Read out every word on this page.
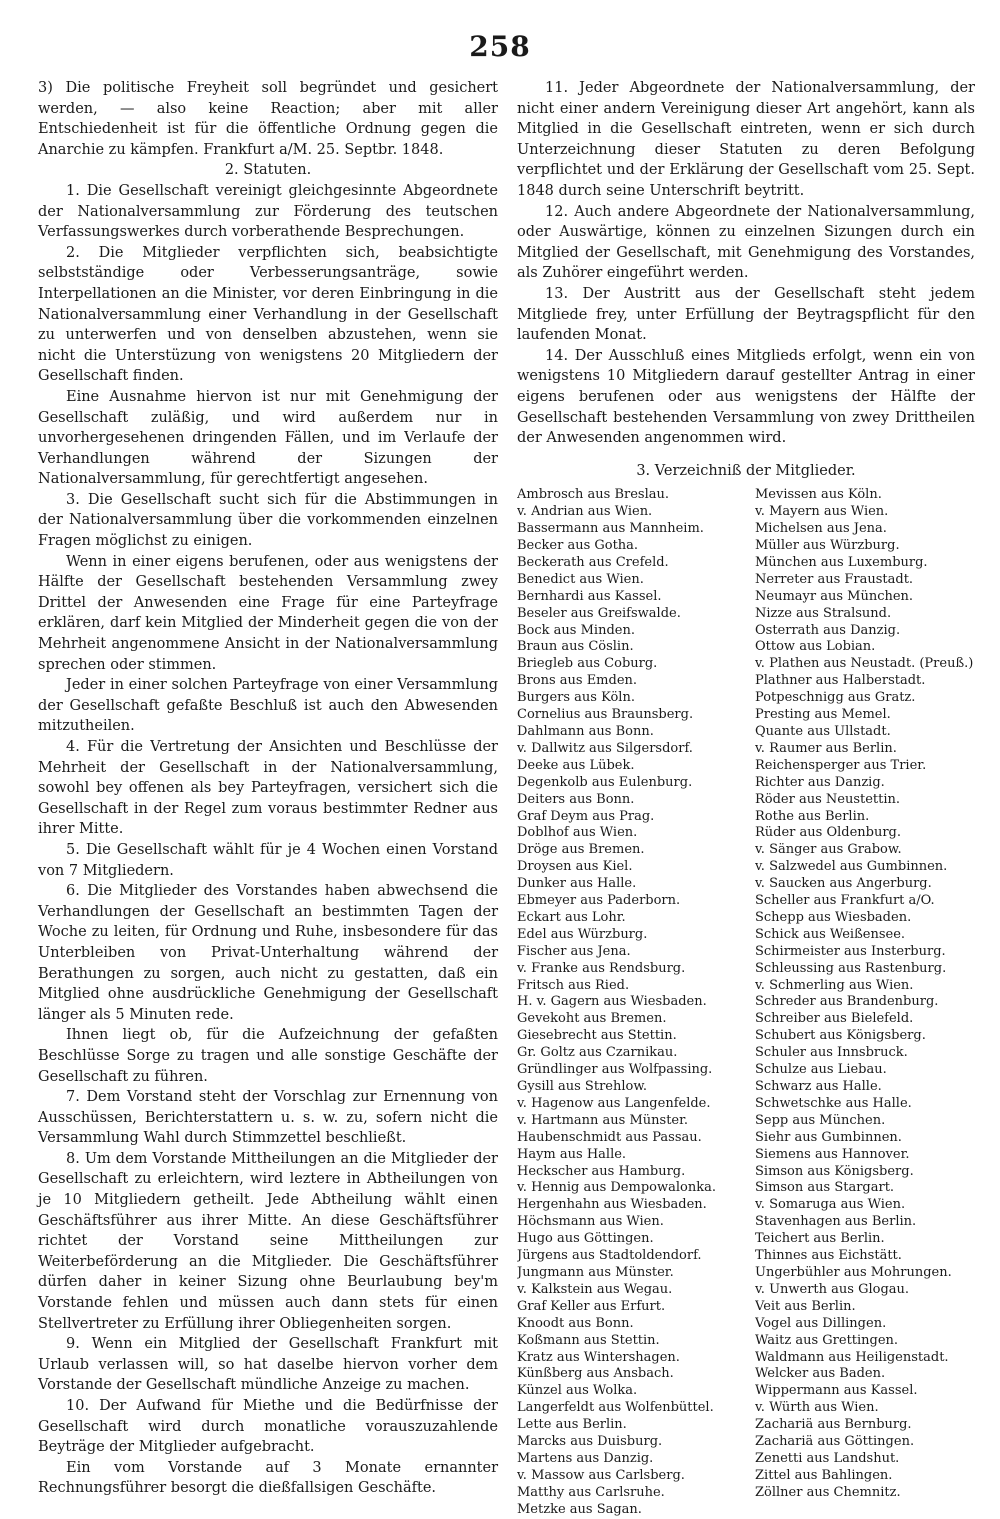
258

3) Die politische Freyheit soll begründet und gesichert werden, — also keine Reaction; aber mit aller Entschiedenheit ist für die öffentliche Ordnung gegen die Anarchie zu kämpfen. Frankfurt a/M. 25. Septbr. 1848.

2. Statuten.

1. Die Gesellschaft vereinigt gleichgesinnte Abgeordnete der Nationalversammlung zur Förderung des teutschen Verfassungswerkes durch vorberathende Besprechungen.

2. Die Mitglieder verpflichten sich, beabsichtigte selbstständige oder Verbesserungsanträge, sowie Interpellationen an die Minister, vor deren Einbringung in die Nationalversammlung einer Verhandlung in der Gesellschaft zu unterwerfen und von denselben abzustehen, wenn sie nicht die Unterstüzung von wenigstens 20 Mitgliedern der Gesellschaft finden.

Eine Ausnahme hiervon ist nur mit Genehmigung der Gesellschaft zuläßig, und wird außerdem nur in unvorhergesehenen dringenden Fällen, und im Verlaufe der Verhandlungen während der Sizungen der Nationalversammlung, für gerechtfertigt angesehen.

3. Die Gesellschaft sucht sich für die Abstimmungen in der Nationalversammlung über die vorkommenden einzelnen Fragen möglichst zu einigen.

Wenn in einer eigens berufenen, oder aus wenigstens der Hälfte der Gesellschaft bestehenden Versammlung zwey Drittel der Anwesenden eine Frage für eine Parteyfrage erklären, darf kein Mitglied der Minderheit gegen die von der Mehrheit angenommene Ansicht in der Nationalversammlung sprechen oder stimmen.

Jeder in einer solchen Parteyfrage von einer Versammlung der Gesellschaft gefaßte Beschluß ist auch den Abwesenden mitzutheilen.

4. Für die Vertretung der Ansichten und Beschlüsse der Mehrheit der Gesellschaft in der Nationalversammlung, sowohl bey offenen als bey Parteyfragen, versichert sich die Gesellschaft in der Regel zum voraus bestimmter Redner aus ihrer Mitte.

5. Die Gesellschaft wählt für je 4 Wochen einen Vorstand von 7 Mitgliedern.

6. Die Mitglieder des Vorstandes haben abwechsend die Verhandlungen der Gesellschaft an bestimmten Tagen der Woche zu leiten, für Ordnung und Ruhe, insbesondere für das Unterbleiben von Privat-Unterhaltung während der Berathungen zu sorgen, auch nicht zu gestatten, daß ein Mitglied ohne ausdrückliche Genehmigung der Gesellschaft länger als 5 Minuten rede.

Ihnen liegt ob, für die Aufzeichnung der gefaßten Beschlüsse Sorge zu tragen und alle sonstige Geschäfte der Gesellschaft zu führen.

7. Dem Vorstand steht der Vorschlag zur Ernennung von Ausschüssen, Berichterstattern u. s. w. zu, sofern nicht die Versammlung Wahl durch Stimmzettel beschließt.

8. Um dem Vorstande Mittheilungen an die Mitglieder der Gesellschaft zu erleichtern, wird leztere in Abtheilungen von je 10 Mitgliedern getheilt. Jede Abtheilung wählt einen Geschäftsführer aus ihrer Mitte. An diese Geschäftsführer richtet der Vorstand seine Mittheilungen zur Weiterbeförderung an die Mitglieder. Die Geschäftsführer dürfen daher in keiner Sizung ohne Beurlaubung bey'm Vorstande fehlen und müssen auch dann stets für einen Stellvertreter zu Erfüllung ihrer Obliegenheiten sorgen.

9. Wenn ein Mitglied der Gesellschaft Frankfurt mit Urlaub verlassen will, so hat daselbe hiervon vorher dem Vorstande der Gesellschaft mündliche Anzeige zu machen.

10. Der Aufwand für Miethe und die Bedürfnisse der Gesellschaft wird durch monatliche vorauszuzahlende Beyträge der Mitglieder aufgebracht.

Ein vom Vorstande auf 3 Monate ernannter Rechnungsführer besorgt die dießfallsigen Geschäfte.

11. Jeder Abgeordnete der Nationalversammlung, der nicht einer andern Vereinigung dieser Art angehört, kann als Mitglied in die Gesellschaft eintreten, wenn er sich durch Unterzeichnung dieser Statuten zu deren Befolgung verpflichtet und der Erklärung der Gesellschaft vom 25. Sept. 1848 durch seine Unterschrift beytritt.

12. Auch andere Abgeordnete der Nationalversammlung, oder Auswärtige, können zu einzelnen Sizungen durch ein Mitglied der Gesellschaft, mit Genehmigung des Vorstandes, als Zuhörer eingeführt werden.

13. Der Austritt aus der Gesellschaft steht jedem Mitgliede frey, unter Erfüllung der Beytragspflicht für den laufenden Monat.

14. Der Ausschluß eines Mitglieds erfolgt, wenn ein von wenigstens 10 Mitgliedern darauf gestellter Antrag in einer eigens berufenen oder aus wenigstens der Hälfte der Gesellschaft bestehenden Versammlung von zwey Drittheilen der Anwesenden angenommen wird.

3. Verzeichniß der Mitglieder.
Ambrosch aus Breslau.
v. Andrian aus Wien.
Bassermann aus Mannheim.
Becker aus Gotha.
Beckerath aus Crefeld.
Benedict aus Wien.
Bernhardi aus Kassel.
Beseler aus Greifswalde.
Bock aus Minden.
Braun aus Cöslin.
Briegleb aus Coburg.
Brons aus Emden.
Burgers aus Köln.
Cornelius aus Braunsberg.
Dahlmann aus Bonn.
v. Dallwitz aus Silgersdorf.
Deeke aus Lübek.
Degenkolb aus Eulenburg.
Deiters aus Bonn.
Graf Deym aus Prag.
Doblhof aus Wien.
Dröge aus Bremen.
Droysen aus Kiel.
Dunker aus Halle.
Ebmeyer aus Paderborn.
Eckart aus Lohr.
Edel aus Würzburg.
Fischer aus Jena.
v. Franke aus Rendsburg.
Fritsch aus Ried.
H. v. Gagern aus Wiesbaden.
Gevekoht aus Bremen.
Giesebrecht aus Stettin.
Gr. Goltz aus Czarnikau.
Gründlinger aus Wolfpassing.
Gysill aus Strehlow.
v. Hagenow aus Langenfelde.
v. Hartmann aus Münster.
Haubenschmidt aus Passau.
Haym aus Halle.
Heckscher aus Hamburg.
v. Hennig aus Dempowalonka.
Hergenhahn aus Wiesbaden.
Höchsmann aus Wien.
Hugo aus Göttingen.
Jürgens aus Stadtoldendorf.
Jungmann aus Münster.
v. Kalkstein aus Wegau.
Graf Keller aus Erfurt.
Knoodt aus Bonn.
Koßmann aus Stettin.
Kratz aus Wintershagen.
Künßberg aus Ansbach.
Künzel aus Wolka.
Langerfeldt aus Wolfenbüttel.
Lette aus Berlin.
Marcks aus Duisburg.
Martens aus Danzig.
v. Massow aus Carlsberg.
Matthy aus Carlsruhe.
Metzke aus Sagan.
Mevissen aus Köln.
v. Mayern aus Wien.
Michelsen aus Jena.
Müller aus Würzburg.
München aus Luxemburg.
Nerreter aus Fraustadt.
Neumayr aus München.
Nizze aus Stralsund.
Osterrath aus Danzig.
Ottow aus Lobian.
v. Plathen aus Neustadt. (Preuß.)
Plathner aus Halberstadt.
Potpeschnigg aus Gratz.
Presting aus Memel.
Quante aus Ullstadt.
v. Raumer aus Berlin.
Reichensperger aus Trier.
Richter aus Danzig.
Röder aus Neustettin.
Rothe aus Berlin.
Rüder aus Oldenburg.
v. Sänger aus Grabow.
v. Salzwedel aus Gumbinnen.
v. Saucken aus Angerburg.
Scheller aus Frankfurt a/O.
Schepp aus Wiesbaden.
Schick aus Weißensee.
Schirmeister aus Insterburg.
Schleussing aus Rastenburg.
v. Schmerling aus Wien.
Schreder aus Brandenburg.
Schreiber aus Bielefeld.
Schubert aus Königsberg.
Schuler aus Innsbruck.
Schulze aus Liebau.
Schwarz aus Halle.
Schwetschke aus Halle.
Sepp aus München.
Siehr aus Gumbinnen.
Siemens aus Hannover.
Simson aus Königsberg.
Simson aus Stargart.
v. Somaruga aus Wien.
Stavenhagen aus Berlin.
Teichert aus Berlin.
Thinnes aus Eichstätt.
Ungerbühler aus Mohrungen.
v. Unwerth aus Glogau.
Veit aus Berlin.
Vogel aus Dillingen.
Waitz aus Grettingen.
Waldmann aus Heiligenstadt.
Welcker aus Baden.
Wippermann aus Kassel.
v. Würth aus Wien.
Zachariä aus Bernburg.
Zachariä aus Göttingen.
Zenetti aus Landshut.
Zittel aus Bahlingen.
Zöllner aus Chemnitz.
